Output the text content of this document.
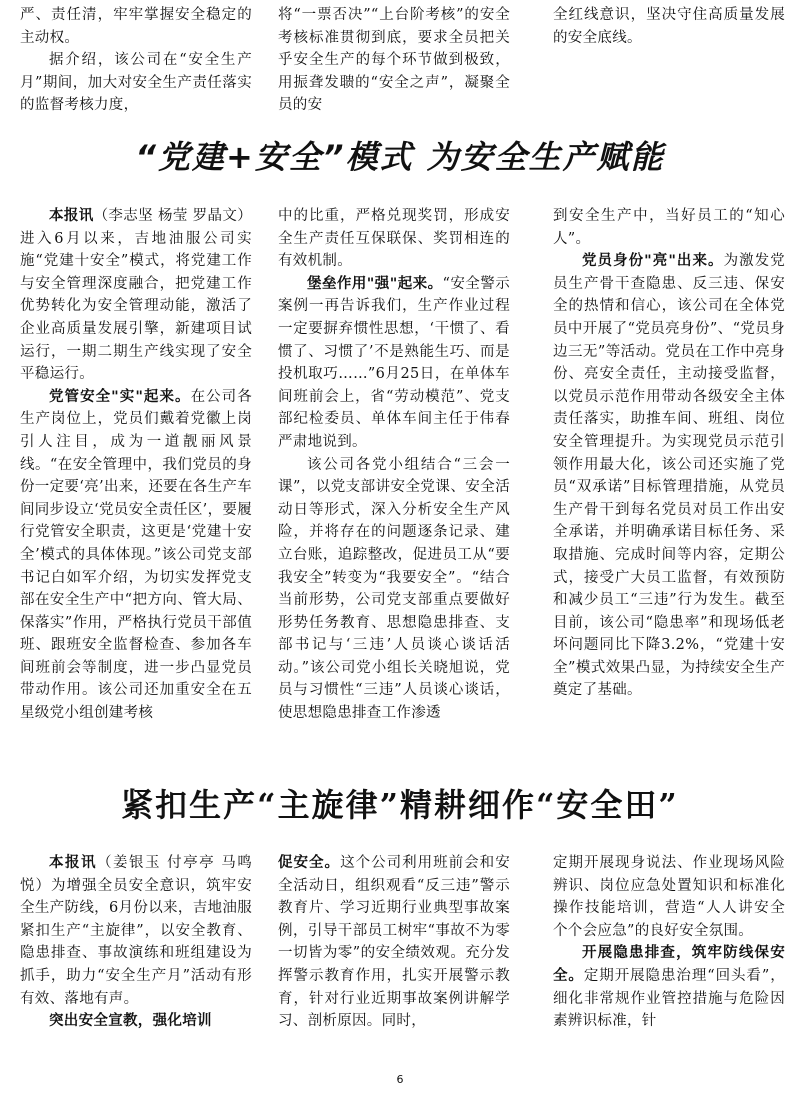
严、责任清，牢牢掌握安全稳定的主动权。

据介绍，该公司在“安全生产月”期间，加大对安全生产责任落实的监督考核力度，

将“一票否决”“上台阶考核”的安全考核标准贯彻到底，要求全员把关乎安全生产的每个环节做到极致，用振聋发聩的“安全之声”，凝聚全员的安

全红线意识，坚决守住高质量发展的安全底线。

“党建+安全”模式 为安全生产赋能

本报讯（李志坚 杨莹 罗晶文）进入6月以来，吉地油服公司实施“党建十安全”模式，将党建工作与安全管理深度融合，把党建工作优势转化为安全管理动能，激活了企业高质量发展引擎，新建项目试运行，一期二期生产线实现了安全平稳运行。

党管安全"实"起来。在公司各生产岗位上，党员们戴着党徽上岗引人注目，成为一道靓丽风景线。“在安全管理中，我们党员的身份一定要‘亮’出来，还要在各生产车间同步设立‘党员安全责任区’，要履行党管安全职责，这更是‘党建十安全’模式的具体体现。”该公司党支部书记白如军介绍，为切实发挥党支部在安全生产中“把方向、管大局、保落实”作用，严格执行党员干部值班、跟班安全监督检查、参加各车间班前会等制度，进一步凸显党员带动作用。该公司还加重安全在五星级党小组创建考核

中的比重，严格兑现奖罚，形成安全生产责任互保联保、奖罚相连的有效机制。

堡垒作用"强"起来。“安全警示案例一再告诉我们，生产作业过程一定要摒弃惯性思想，‘干惯了、看惯了、习惯了’不是熟能生巧、而是投机取巧……”6月25日，在单体车间班前会上，省“劳动模范”、党支部纪检委员、单体车间主任于伟春严肃地说到。

该公司各党小组结合“三会一课”，以党支部讲安全党课、安全活动日等形式，深入分析安全生产风险，并将存在的问题逐条记录、建立台账，追踪整改，促进员工从“要我安全”转变为“我要安全”。“结合当前形势，公司党支部重点要做好形势任务教育、思想隐患排查、支部书记与‘三违’人员谈心谈话活动。”该公司党小组长关晓旭说，党员与习惯性“三违”人员谈心谈话，使思想隐患排查工作渗透

到安全生产中，当好员工的“知心人”。

党员身份"亮"出来。为激发党员生产骨干查隐患、反三违、保安全的热情和信心，该公司在全体党员中开展了“党员亮身份”、“党员身边三无”等活动。党员在工作中亮身份、亮安全责任，主动接受监督，以党员示范作用带动各级安全主体责任落实，助推车间、班组、岗位安全管理提升。为实现党员示范引领作用最大化，该公司还实施了党员“双承诺”目标管理措施，从党员生产骨干到每名党员对员工作出安全承诺，并明确承诺目标任务、采取措施、完成时间等内容，定期公式，接受广大员工监督，有效预防和减少员工“三违”行为发生。截至目前，该公司“隐患率”和现场低老坏问题同比下降3.2%，“党建十安全”模式效果凸显，为持续安全生产奠定了基础。

紧扣生产“主旋律”精耕细作“安全田”

本报讯（姜银玉 付亭亭 马鸣悦）为增强全员安全意识，筑牢安全生产防线，6月份以来，吉地油服紧扣生产“主旋律”，以安全教育、隐患排查、事故演练和班组建设为抓手，助力“安全生产月”活动有形有效、落地有声。

突出安全宣教，强化培训

促安全。这个公司利用班前会和安全活动日，组织观看“反三违”警示教育片、学习近期行业典型事故案例，引导干部员工树牢“事故不为零一切皆为零”的安全绩效观。充分发挥警示教育作用，扎实开展警示教育，针对行业近期事故案例讲解学习、剖析原因。同时，

定期开展现身说法、作业现场风险辨识、岗位应急处置知识和标准化操作技能培训，营造“人人讲安全 个个会应急”的良好安全氛围。

开展隐患排查，筑牢防线保安全。定期开展隐患治理“回头看”，细化非常规作业管控措施与危险因素辨识标准，针

6
